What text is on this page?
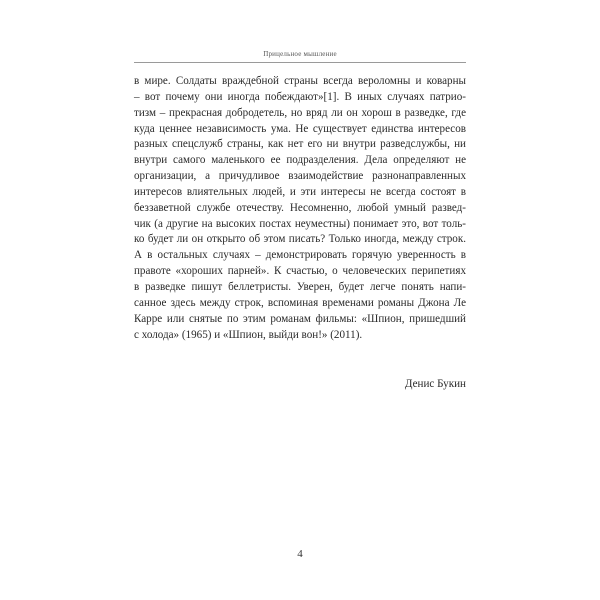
Прицельное мышление
в мире. Солдаты враждебной страны всегда вероломны и коварны
– вот почему они иногда побеждают»[1]. В иных случаях патрио-
тизм – прекрасная добродетель, но вряд ли он хорош в разведке, где
куда ценнее независимость ума. Не существует единства интересов
разных спецслужб страны, как нет его ни внутри разведслужбы, ни
внутри самого маленького ее подразделения. Дела определяют не
организации, а причудливое взаимодействие разнонаправленных
интересов влиятельных людей, и эти интересы не всегда состоят в
беззаветной службе отечеству. Несомненно, любой умный развед-
чик (а другие на высоких постах неуместны) понимает это, вот толь-
ко будет ли он открыто об этом писать? Только иногда, между строк.
А в остальных случаях – демонстрировать горячую уверенность в
правоте «хороших парней». К счастью, о человеческих перипетиях
в разведке пишут беллетристы. Уверен, будет легче понять напи-
санное здесь между строк, вспоминая временами романы Джона Ле
Карре или снятые по этим романам фильмы: «Шпион, пришедший
с холода» (1965) и «Шпион, выйди вон!» (2011).
Денис Букин
4
